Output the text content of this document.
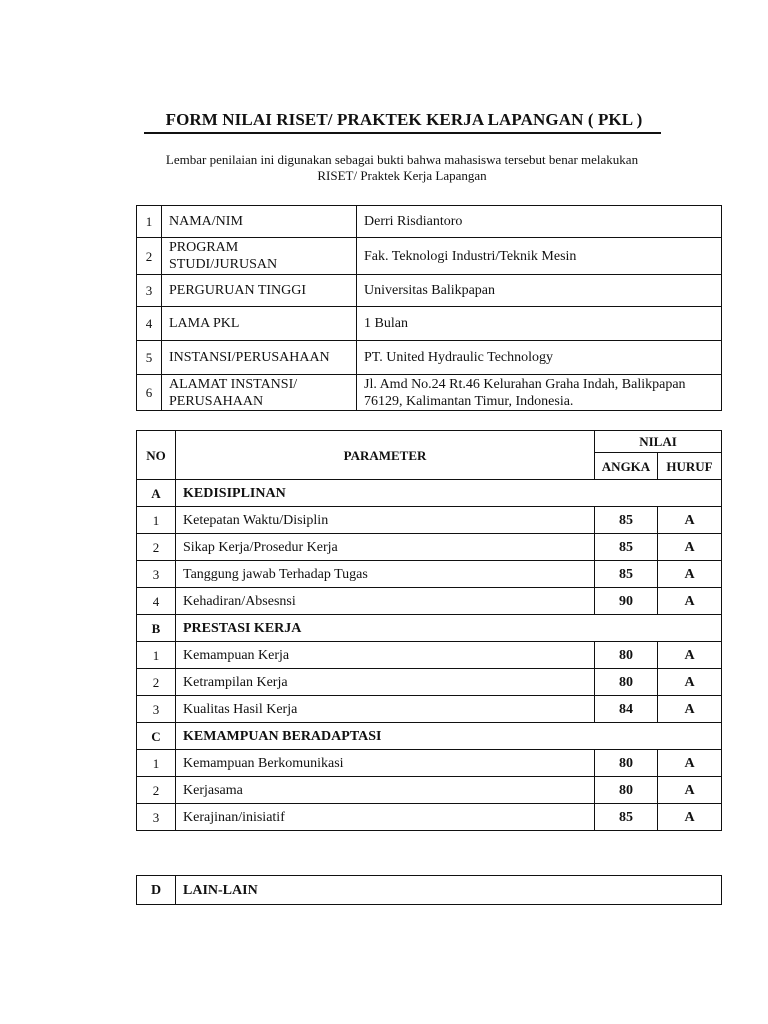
FORM NILAI RISET/ PRAKTEK KERJA LAPANGAN ( PKL )
Lembar penilaian ini digunakan sebagai bukti bahwa mahasiswa tersebut benar melakukan
RISET/ Praktek Kerja Lapangan
1	NAMA/NIM	Derri Risdiantoro
2	PROGRAM STUDI/JURUSAN	Fak. Teknologi Industri/Teknik Mesin
3	PERGURUAN TINGGI	Universitas Balikpapan
4	LAMA PKL	1 Bulan
5	INSTANSI/PERUSAHAAN	PT. United Hydraulic Technology
6	ALAMAT INSTANSI/ PERUSAHAAN	Jl. Amd No.24 Rt.46 Kelurahan Graha Indah, Balikpapan 76129, Kalimantan Timur, Indonesia.
NO	PARAMETER	NILAI	
		ANGKA	HURUF
A	KEDISIPLINAN		
1	Ketepatan Waktu/Disiplin	85	A
2	Sikap Kerja/Prosedur Kerja	85	A
3	Tanggung jawab Terhadap Tugas	85	A
4	Kehadiran/Absesnsi	90	A
B	PRESTASI KERJA		
1	Kemampuan Kerja	80	A
2	Ketrampilan Kerja	80	A
3	Kualitas Hasil Kerja	84	A
C	KEMAMPUAN BERADAPTASI		
1	Kemampuan Berkomunikasi	80	A
2	Kerjasama	80	A
3	Kerajinan/inisiatif	85	A
D	LAIN-LAIN
